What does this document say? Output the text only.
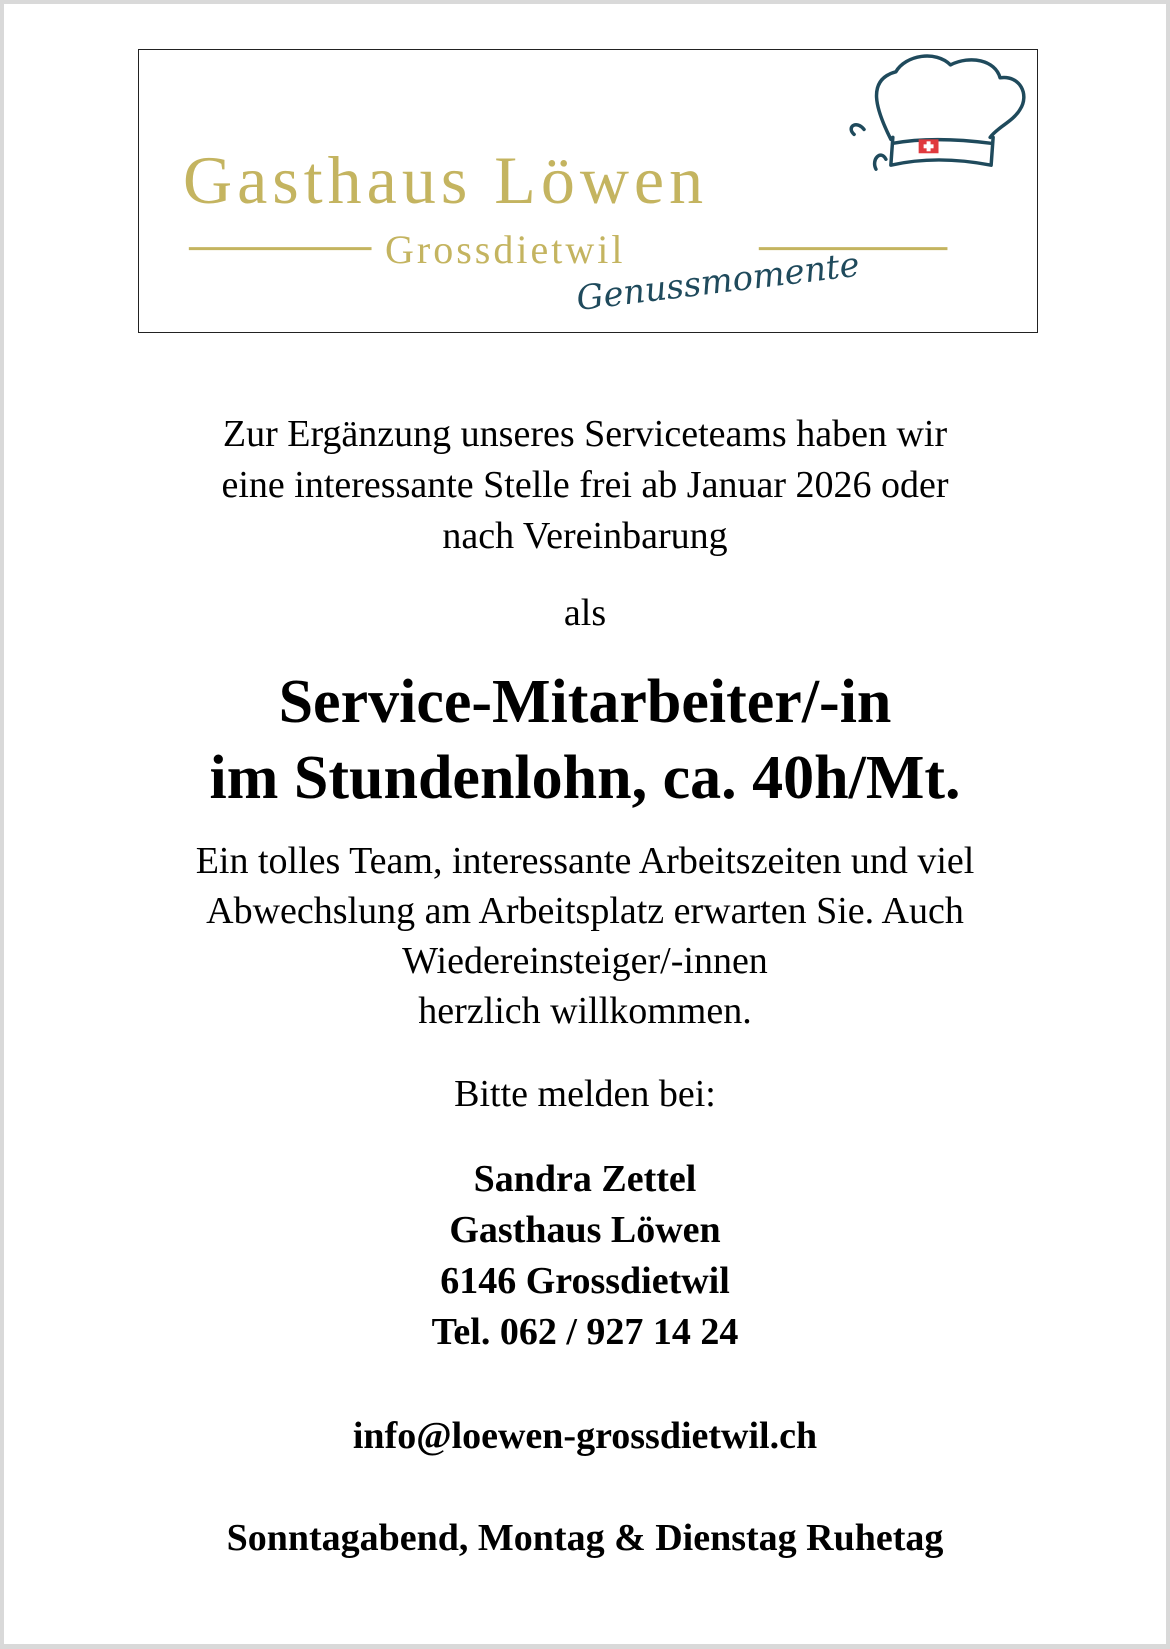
Genussmomente
Gasthaus Löwen
Grossdietwil
Zur Ergänzung unseres Serviceteams haben wir
eine interessante Stelle frei ab Januar 2026 oder
nach Vereinbarung
als
Service-Mitarbeiter/-in
im Stundenlohn, ca. 40h/Mt.
Ein tolles Team, interessante Arbeitszeiten und viel
Abwechslung am Arbeitsplatz erwarten Sie. Auch
Wiedereinsteiger/-innen
herzlich willkommen.
Bitte melden bei:
Sandra Zettel
Gasthaus Löwen
6146 Grossdietwil
Tel. 062 / 927 14 24
info@loewen-grossdietwil.ch
Sonntagabend, Montag & Dienstag Ruhetag
